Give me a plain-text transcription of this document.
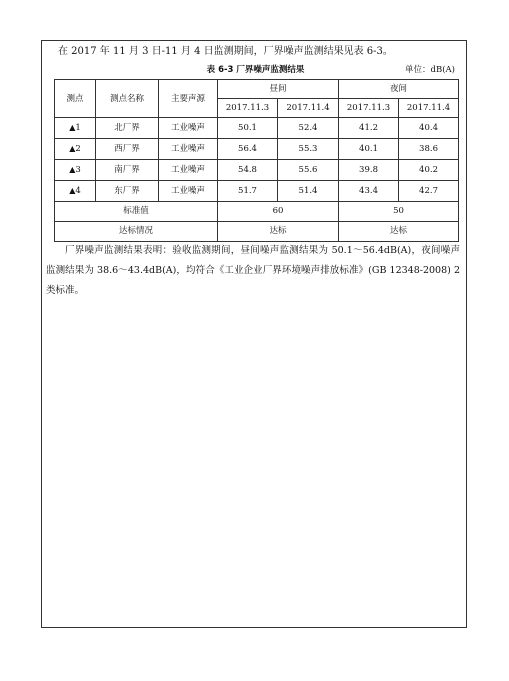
在 2017 年 11 月 3 日-11 月 4 日监测期间，厂界噪声监测结果见表 6-3。
表 6-3 厂界噪声监测结果	单位：dB(A)
测点	测点名称	主要声源	昼间		夜间	
			2017.11.3	2017.11.4	2017.11.3	2017.11.4
▲1	北厂界	工业噪声	50.1	52.4	41.2	40.4
▲2	西厂界	工业噪声	56.4	55.3	40.1	38.6
▲3	南厂界	工业噪声	54.8	55.6	39.8	40.2
▲4	东厂界	工业噪声	51.7	51.4	43.4	42.7
标准值			60		50	
达标情况			达标		达标	
厂界噪声监测结果表明：验收监测期间，昼间噪声监测结果为 50.1～56.4dB(A)，夜间噪声监测结果为 38.6～43.4dB(A)，均符合《工业企业厂界环境噪声排放标准》(GB 12348-2008) 2 类标准。
